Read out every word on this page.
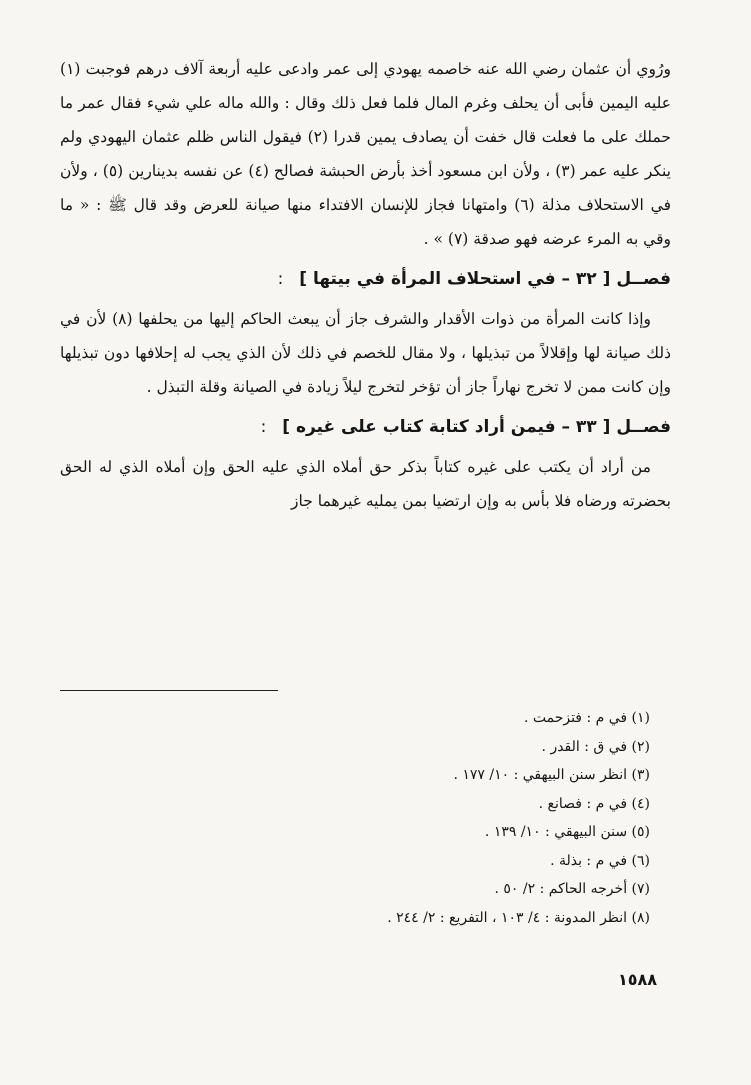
ورُوي أن عثمان رضي الله عنه خاصمه يهودي إلى عمر وادعى عليه أربعة آلاف درهم فوجبت (١) عليه اليمين فأبى أن يحلف وغرم المال فلما فعل ذلك وقال : والله ماله علي شيء فقال عمر ما حملك على ما فعلت قال خفت أن يصادف يمين قدرا (٢) فيقول الناس ظلم عثمان اليهودي ولم ينكر عليه عمر (٣) ، ولأن ابن مسعود أخذ بأرض الحبشة فصالح (٤) عن نفسه بدينارين (٥) ، ولأن في الاستحلاف مذلة (٦) وامتهانا فجاز للإنسان الافتداء منها صيانة للعرض وقد قال ﷺ : « ما وقي به المرء عرضه فهو صدقة (٧) » .

فصــل [ ٣٢ – في استحلاف المرأة في بيتها ] :

وإذا كانت المرأة من ذوات الأقدار والشرف جاز أن يبعث الحاكم إليها من يحلفها (٨) لأن في ذلك صيانة لها وإقلالاً من تبذيلها ، ولا مقال للخصم في ذلك لأن الذي يجب له إحلافها دون تبذيلها وإن كانت ممن لا تخرج نهاراً جاز أن تؤخر لتخرج ليلاً زيادة في الصيانة وقلة التبذل .

فصــل [ ٣٣ – فيمن أراد كتابة كتاب على غيره ] :

من أراد أن يكتب على غيره كتاباً بذكر حق أملاه الذي عليه الحق وإن أملاه الذي له الحق بحضرته ورضاه فلا بأس به وإن ارتضيا بمن يمليه غيرهما جاز

(١) في م : فتزحمت .
(٢) في ق : القدر .
(٣) انظر سنن البيهقي : ١٠/ ١٧٧ .
(٤) في م : فصانع .
(٥) سنن البيهقي : ١٠/ ١٣٩ .
(٦) في م : بذلة .
(٧) أخرجه الحاكم : ٢/ ٥٠ .
(٨) انظر المدونة : ٤/ ١٠٣ ، التفريع : ٢/ ٢٤٤ .
١٥٨٨
